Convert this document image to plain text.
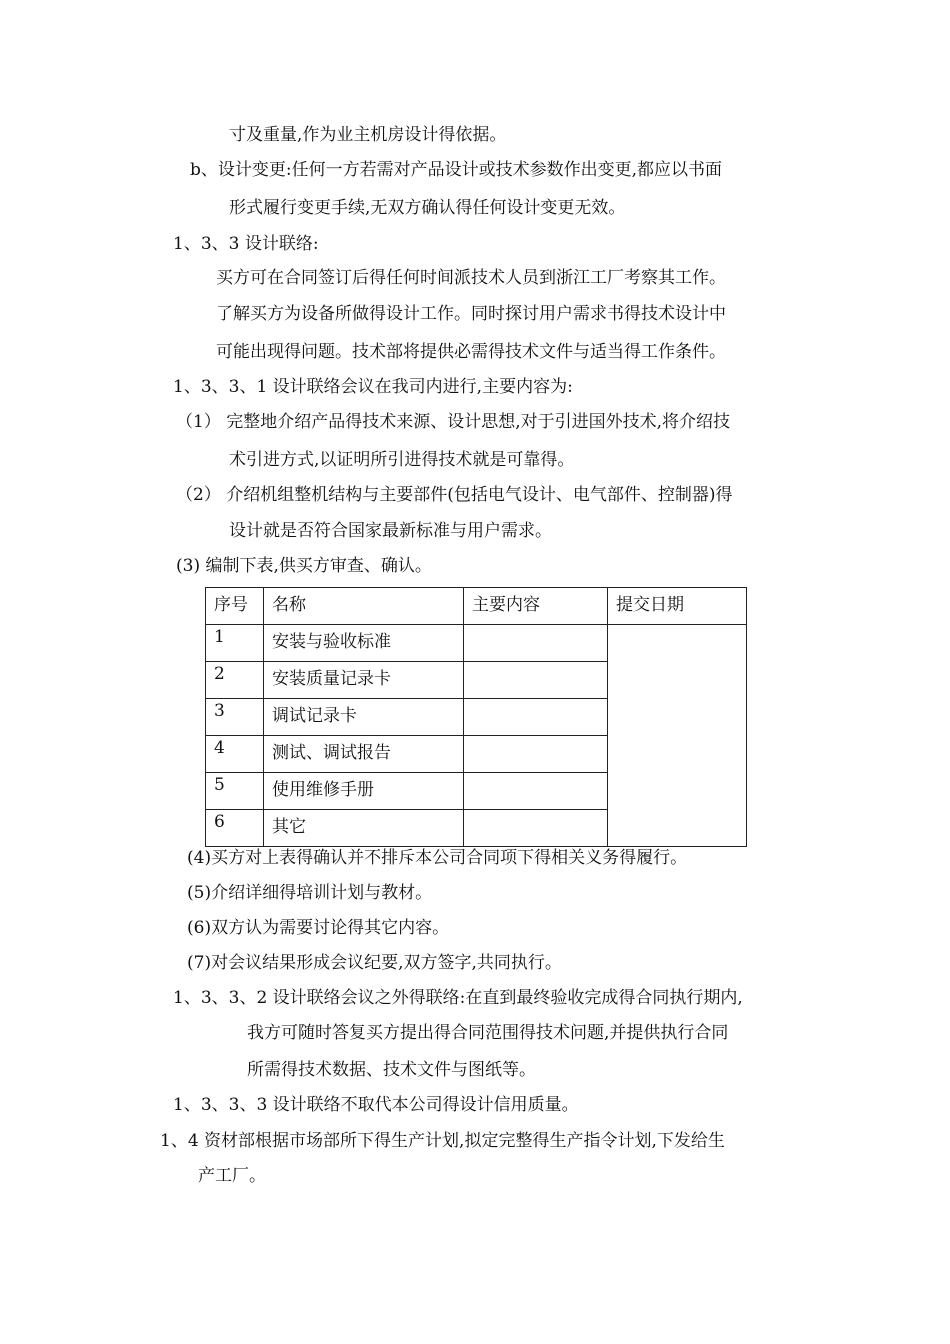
寸及重量,作为业主机房设计得依据。
b、设计变更:任何一方若需对产品设计或技术参数作出变更,都应以书面
形式履行变更手续,无双方确认得任何设计变更无效。
1、3、3 设计联络:
买方可在合同签订后得任何时间派技术人员到浙江工厂考察其工作。
了解买方为设备所做得设计工作。同时探讨用户需求书得技术设计中
可能出现得问题。技术部将提供必需得技术文件与适当得工作条件。
1、3、3、1 设计联络会议在我司内进行,主要内容为:
（1） 完整地介绍产品得技术来源、设计思想,对于引进国外技术,将介绍技
术引进方式,以证明所引进得技术就是可靠得。
（2） 介绍机组整机结构与主要部件(包括电气设计、电气部件、控制器)得
设计就是否符合国家最新标准与用户需求。
(3) 编制下表,供买方审查、确认。
序号	名称	主要内容	提交日期
1	安装与验收标准		
2	安装质量记录卡		
3	调试记录卡		
4	测试、调试报告		
5	使用维修手册		
6	其它		
(4)买方对上表得确认并不排斥本公司合同项下得相关义务得履行。
(5)介绍详细得培训计划与教材。
(6)双方认为需要讨论得其它内容。
(7)对会议结果形成会议纪要,双方签字,共同执行。
1、3、3、2 设计联络会议之外得联络:在直到最终验收完成得合同执行期内,
我方可随时答复买方提出得合同范围得技术问题,并提供执行合同
所需得技术数据、技术文件与图纸等。
1、3、3、3 设计联络不取代本公司得设计信用质量。
1、4 资材部根据市场部所下得生产计划,拟定完整得生产指令计划,下发给生
产工厂。
